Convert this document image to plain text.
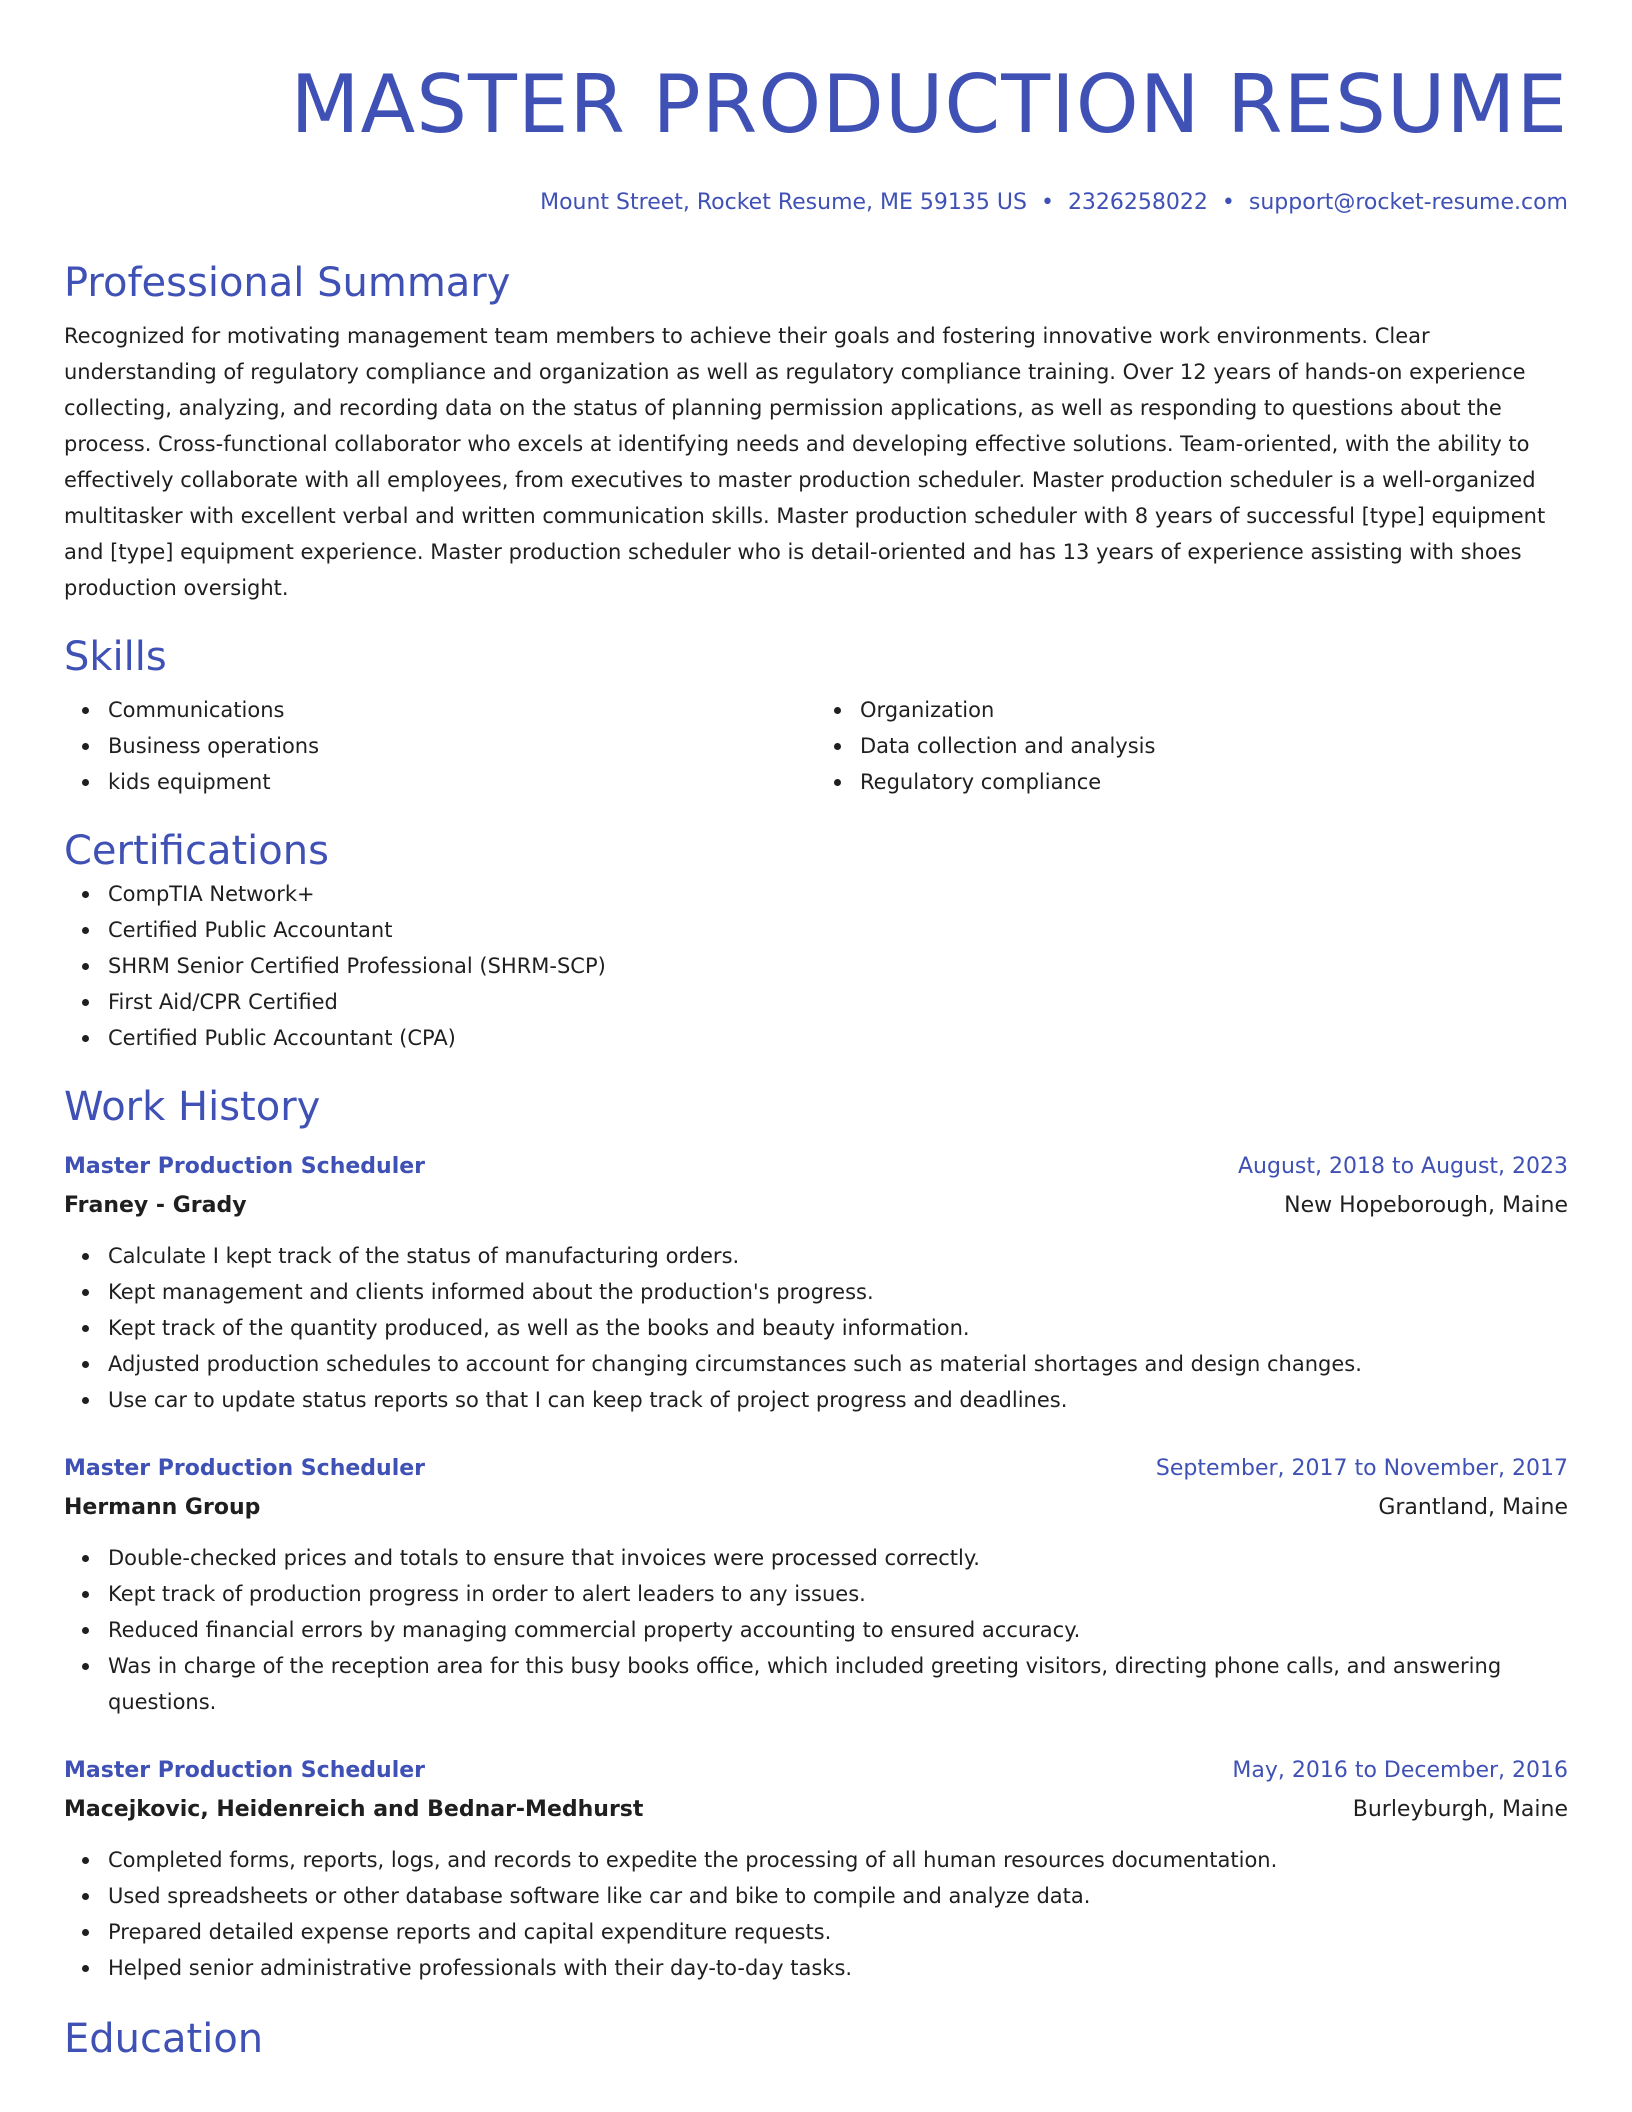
MASTER PRODUCTION RESUME
Mount Street, Rocket Resume, ME 59135 US • 2326258022 • support@rocket-resume.com
Professional Summary

Recognized for motivating management team members to achieve their goals and fostering innovative work environments. Clear understanding of regulatory compliance and organization as well as regulatory compliance training. Over 12 years of hands-on experience collecting, analyzing, and recording data on the status of planning permission applications, as well as responding to questions about the process. Cross-functional collaborator who excels at identifying needs and developing effective solutions. Team-oriented, with the ability to effectively collaborate with all employees, from executives to master production scheduler. Master production scheduler is a well-organized multitasker with excellent verbal and written communication skills. Master production scheduler with 8 years of successful [type] equipment and [type] equipment experience. Master production scheduler who is detail-oriented and has 13 years of experience assisting with shoes production oversight.

Skills
Communications
Business operations
kids equipment
Organization
Data collection and analysis
Regulatory compliance
Certifications
CompTIA Network+
Certified Public Accountant
SHRM Senior Certified Professional (SHRM-SCP)
First Aid/CPR Certified
Certified Public Accountant (CPA)
Work History
Master Production Scheduler	August, 2018 to August, 2023
Franey - Grady	New Hopeborough, Maine
Calculate I kept track of the status of manufacturing orders.
Kept management and clients informed about the production's progress.
Kept track of the quantity produced, as well as the books and beauty information.
Adjusted production schedules to account for changing circumstances such as material shortages and design changes.
Use car to update status reports so that I can keep track of project progress and deadlines.
Master Production Scheduler	September, 2017 to November, 2017
Hermann Group	Grantland, Maine
Double-checked prices and totals to ensure that invoices were processed correctly.
Kept track of production progress in order to alert leaders to any issues.
Reduced financial errors by managing commercial property accounting to ensured accuracy.
Was in charge of the reception area for this busy books office, which included greeting visitors, directing phone calls, and answering questions.
Master Production Scheduler	May, 2016 to December, 2016
Macejkovic, Heidenreich and Bednar-Medhurst	Burleyburgh, Maine
Completed forms, reports, logs, and records to expedite the processing of all human resources documentation.
Used spreadsheets or other database software like car and bike to compile and analyze data.
Prepared detailed expense reports and capital expenditure requests.
Helped senior administrative professionals with their day-to-day tasks.
Education
